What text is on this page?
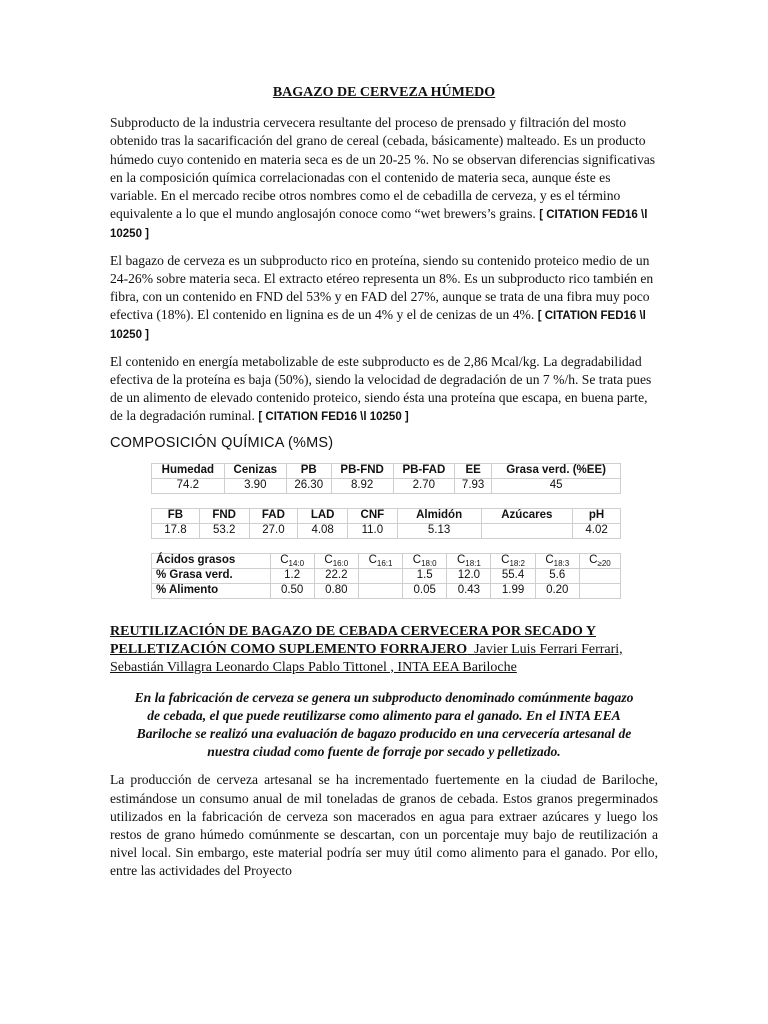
BAGAZO DE CERVEZA HÚMEDO

Subproducto de la industria cervecera resultante del proceso de prensado y filtración del mosto obtenido tras la sacarificación del grano de cereal (cebada, básicamente) malteado. Es un producto húmedo cuyo contenido en materia seca es de un 20-25 %. No se observan diferencias significativas en la composición química correlacionadas con el contenido de materia seca, aunque éste es variable. En el mercado recibe otros nombres como el de cebadilla de cerveza, y es el término equivalente a lo que el mundo anglosajón conoce como “wet brewers’s grains. [ CITATION FED16 \l 10250 ]

El bagazo de cerveza es un subproducto rico en proteína, siendo su contenido proteico medio de un 24-26% sobre materia seca. El extracto etéreo representa un 8%. Es un subproducto rico también en fibra, con un contenido en FND del 53% y en FAD del 27%, aunque se trata de una fibra muy poco efectiva (18%). El contenido en lignina es de un 4% y el de cenizas de un 4%. [ CITATION FED16 \l 10250 ]

El contenido en energía metabolizable de este subproducto es de 2,86 Mcal/kg. La degradabilidad efectiva de la proteína es baja (50%), siendo la velocidad de degradación de un 7 %/h. Se trata pues de un alimento de elevado contenido proteico, siendo ésta una proteína que escapa, en buena parte, de la degradación ruminal. [ CITATION FED16 \l 10250 ]

COMPOSICIÓN QUÍMICA (%MS)
Humedad	Cenizas	PB	PB-FND	PB-FAD	EE	Grasa verd. (%EE)
74.2	3.90	26.30	8.92	2.70	7.93	45
FB	FND	FAD	LAD	CNF	Almidón	Azúcares	pH
17.8	53.2	27.0	4.08	11.0	5.13		4.02
Ácidos grasos	$C_{14:0}$	$C_{16:0}$	$C_{16:1}$	$C_{18:0}$	$C_{18:1}$	$C_{18:2}$	$C_{18:3}$	$C_{\ge 20}$
% Grasa verd.	1.2	22.2		1.5	12.0	55.4	5.6	
% Alimento	0.50	0.80		0.05	0.43	1.99	0.20	
REUTILIZACIÓN DE BAGAZO DE CEBADA CERVECERA POR SECADO Y PELLETIZACIÓN COMO SUPLEMENTO FORRAJERO Javier Luis Ferrari Ferrari, Sebastián Villagra Leonardo Claps Pablo Tittonel , INTA EEA Bariloche
En la fabricación de cerveza se genera un subproducto denominado comúnmente bagazo de cebada, el que puede reutilizarse como alimento para el ganado. En el INTA EEA Bariloche se realizó una evaluación de bagazo producido en una cervecería artesanal de nuestra ciudad como fuente de forraje por secado y pelletizado.

La producción de cerveza artesanal se ha incrementado fuertemente en la ciudad de Bariloche, estimándose un consumo anual de mil toneladas de granos de cebada. Estos granos pregerminados utilizados en la fabricación de cerveza son macerados en agua para extraer azúcares y luego los restos de grano húmedo comúnmente se descartan, con un porcentaje muy bajo de reutilización a nivel local. Sin embargo, este material podría ser muy útil como alimento para el ganado. Por ello, entre las actividades del Proyecto
